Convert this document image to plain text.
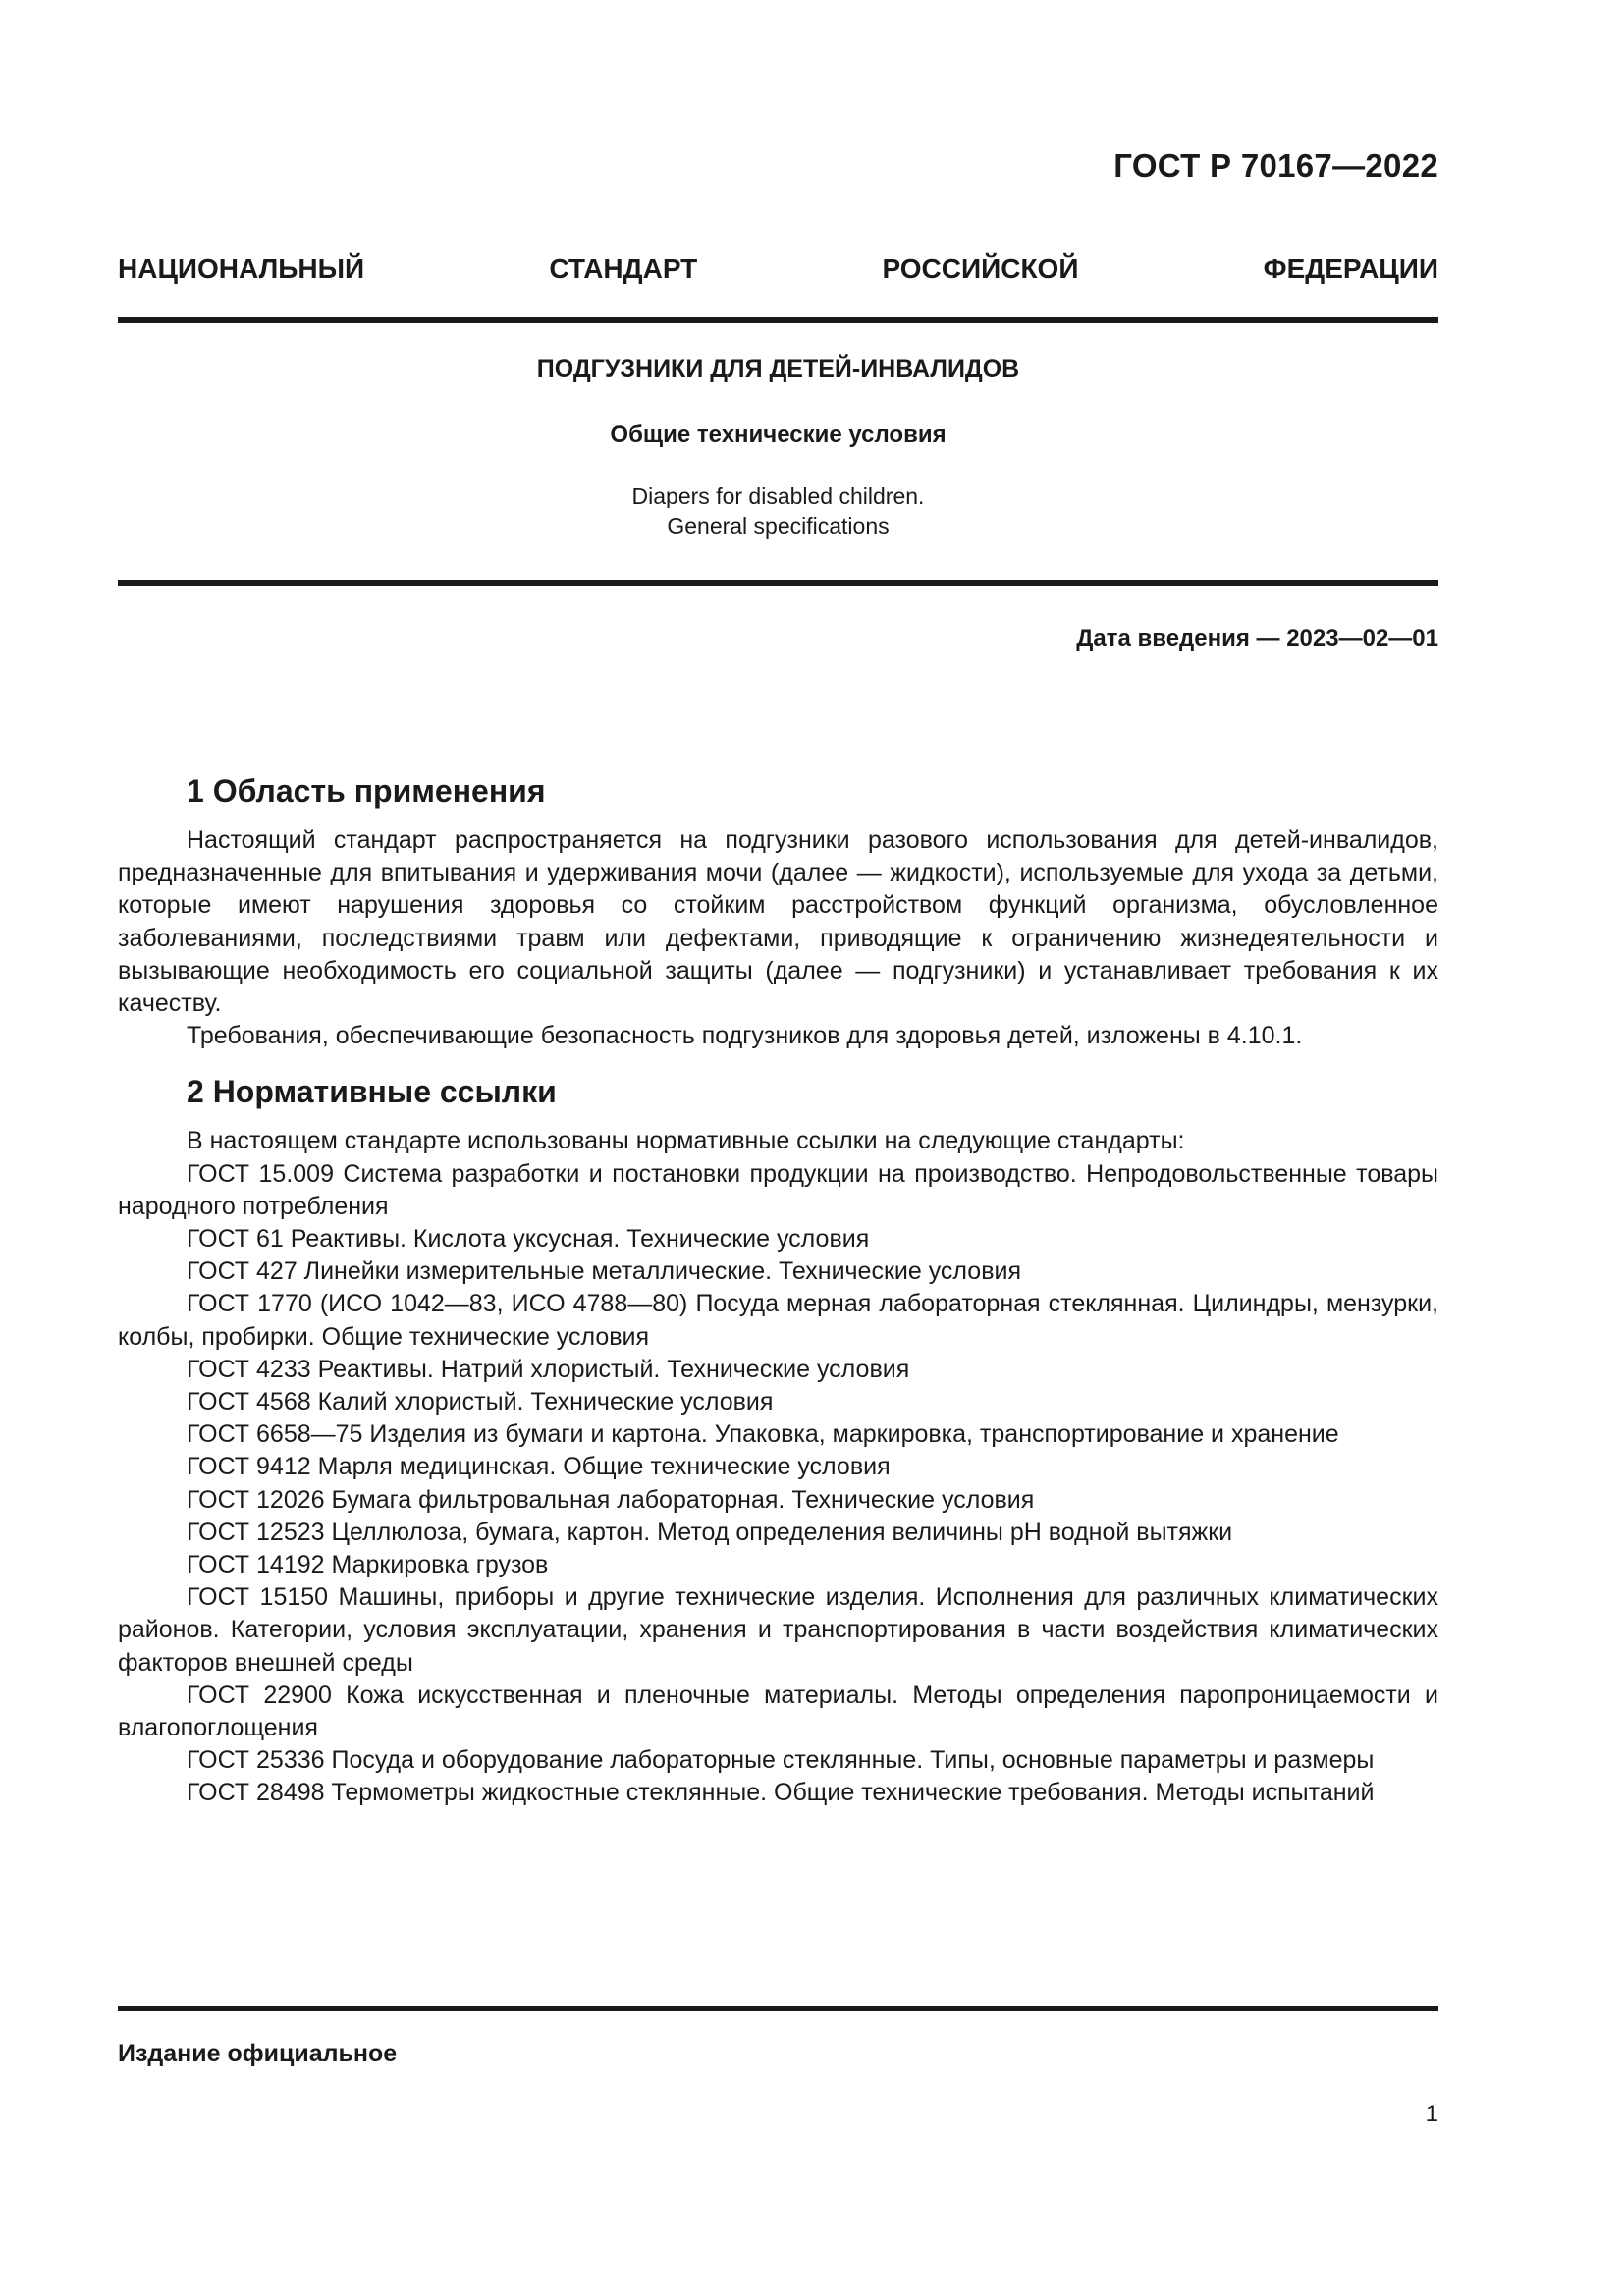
ГОСТ Р 70167—2022
НАЦИОНАЛЬНЫЙ	СТАНДАРТ	РОССИЙСКОЙ	ФЕДЕРАЦИИ
ПОДГУЗНИКИ ДЛЯ ДЕТЕЙ-ИНВАЛИДОВ
Общие технические условия
Diapers for disabled children.
General specifications
Дата введения — 2023—02—01
1 Область применения

Настоящий стандарт распространяется на подгузники разового использования для детей-инвалидов, предназначенные для впитывания и удерживания мочи (далее — жидкости), используемые для ухода за детьми, которые имеют нарушения здоровья со стойким расстройством функций организма, обусловленное заболеваниями, последствиями травм или дефектами, приводящие к ограничению жизнедеятельности и вызывающие необходимость его социальной защиты (далее — подгузники) и устанавливает требования к их качеству.

Требования, обеспечивающие безопасность подгузников для здоровья детей, изложены в 4.10.1.

2 Нормативные ссылки

В настоящем стандарте использованы нормативные ссылки на следующие стандарты:

ГОСТ 15.009 Система разработки и постановки продукции на производство. Непродовольственные товары народного потребления

ГОСТ 61 Реактивы. Кислота уксусная. Технические условия

ГОСТ 427 Линейки измерительные металлические. Технические условия

ГОСТ 1770 (ИСО 1042—83, ИСО 4788—80) Посуда мерная лабораторная стеклянная. Цилиндры, мензурки, колбы, пробирки. Общие технические условия

ГОСТ 4233 Реактивы. Натрий хлористый. Технические условия

ГОСТ 4568 Калий хлористый. Технические условия

ГОСТ 6658—75 Изделия из бумаги и картона. Упаковка, маркировка, транспортирование и хранение

ГОСТ 9412 Марля медицинская. Общие технические условия

ГОСТ 12026 Бумага фильтровальная лабораторная. Технические условия

ГОСТ 12523 Целлюлоза, бумага, картон. Метод определения величины pH водной вытяжки

ГОСТ 14192 Маркировка грузов

ГОСТ 15150 Машины, приборы и другие технические изделия. Исполнения для различных климатических районов. Категории, условия эксплуатации, хранения и транспортирования в части воздействия климатических факторов внешней среды

ГОСТ 22900 Кожа искусственная и пленочные материалы. Методы определения паропроницаемости и влагопоглощения

ГОСТ 25336 Посуда и оборудование лабораторные стеклянные. Типы, основные параметры и размеры

ГОСТ 28498 Термометры жидкостные стеклянные. Общие технические требования. Методы испытаний

Издание официальное
1
